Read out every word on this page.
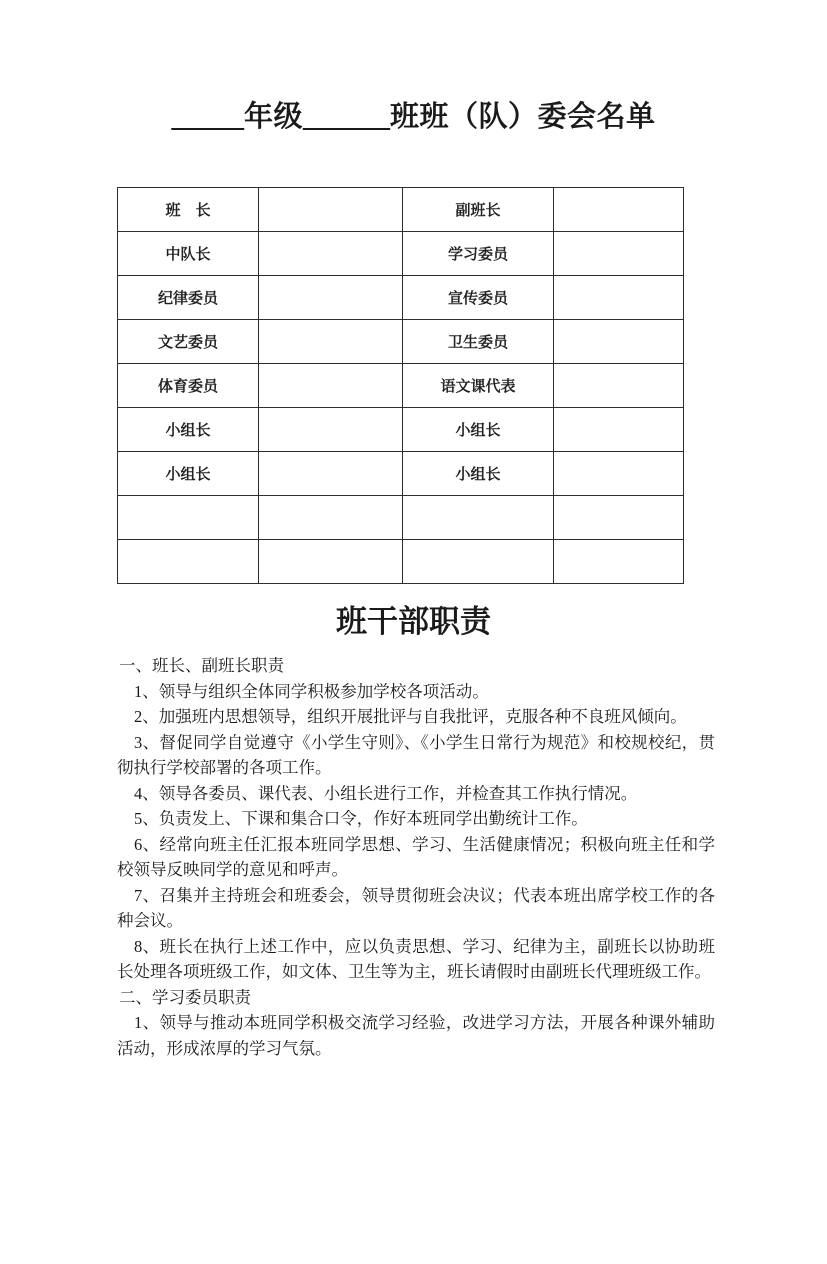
_____年级______班班（队）委会名单
班　长		副班长	
中队长		学习委员	
纪律委员		宣传委员	
文艺委员		卫生委员	
体育委员		语文课代表	
小组长		小组长	
小组长		小组长	

班干部职责

一、班长、副班长职责

1、领导与组织全体同学积极参加学校各项活动。

2、加强班内思想领导，组织开展批评与自我批评，克服各种不良班风倾向。

3、督促同学自觉遵守《小学生守则》、《小学生日常行为规范》和校规校纪，贯彻执行学校部署的各项工作。

4、领导各委员、课代表、小组长进行工作，并检查其工作执行情况。

5、负责发上、下课和集合口令，作好本班同学出勤统计工作。

6、经常向班主任汇报本班同学思想、学习、生活健康情况；积极向班主任和学校领导反映同学的意见和呼声。

7、召集并主持班会和班委会，领导贯彻班会决议；代表本班出席学校工作的各种会议。

8、班长在执行上述工作中，应以负责思想、学习、纪律为主，副班长以协助班长处理各项班级工作，如文体、卫生等为主，班长请假时由副班长代理班级工作。

二、学习委员职责

1、领导与推动本班同学积极交流学习经验，改进学习方法，开展各种课外辅助活动，形成浓厚的学习气氛。
